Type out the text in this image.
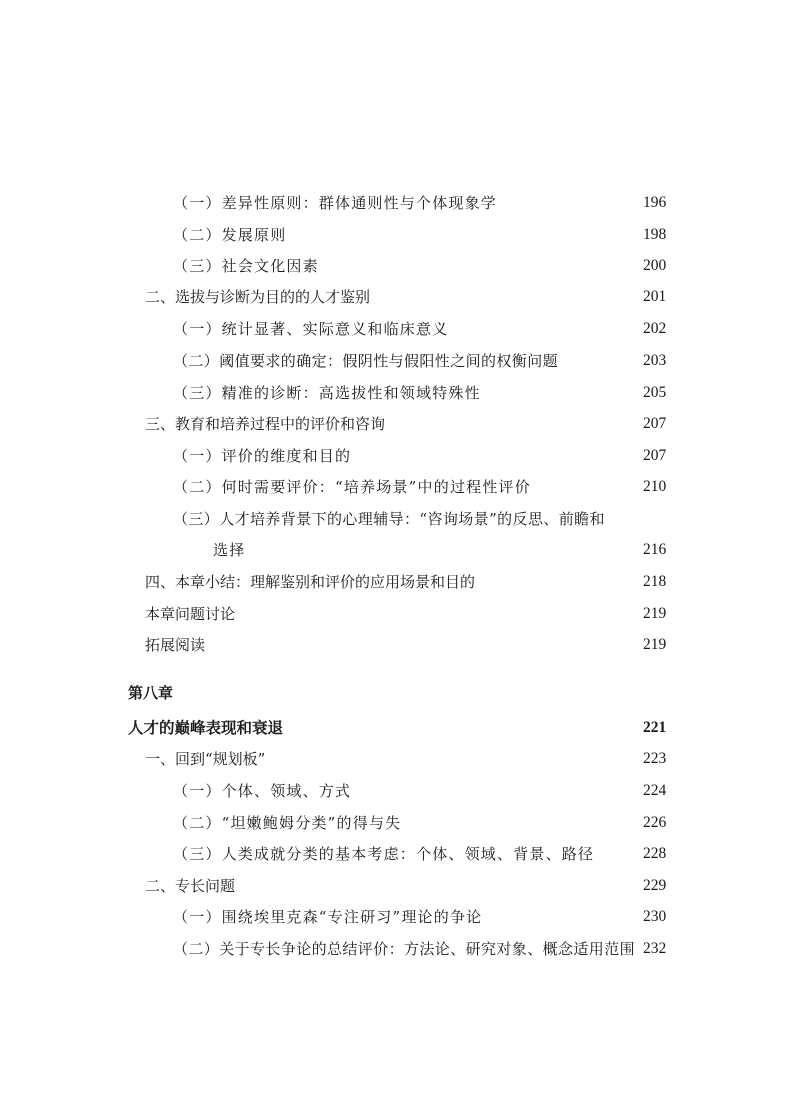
（一）差异性原则：群体通则性与个体现象学	196
（二）发展原则	198
（三）社会文化因素	200
二、选拔与诊断为目的的人才鉴别	201
（一）统计显著、实际意义和临床意义	202
（二）阈值要求的确定：假阴性与假阳性之间的权衡问题	203
（三）精准的诊断：高选拔性和领域特殊性	205
三、教育和培养过程中的评价和咨询	207
（一）评价的维度和目的	207
（二）何时需要评价：“培养场景”中的过程性评价	210
（三）人才培养背景下的心理辅导：“咨询场景”的反思、前瞻和
选择	216
四、本章小结：理解鉴别和评价的应用场景和目的	218
本章问题讨论	219
拓展阅读	219
第八章
人才的巅峰表现和衰退	221
一、回到“规划板”	223
（一）个体、领域、方式	224
（二）“坦嫩鲍姆分类”的得与失	226
（三）人类成就分类的基本考虑：个体、领域、背景、路径	228
二、专长问题	229
（一）围绕埃里克森“专注研习”理论的争论	230
（二）关于专长争论的总结评价：方法论、研究对象、概念适用范围 232
